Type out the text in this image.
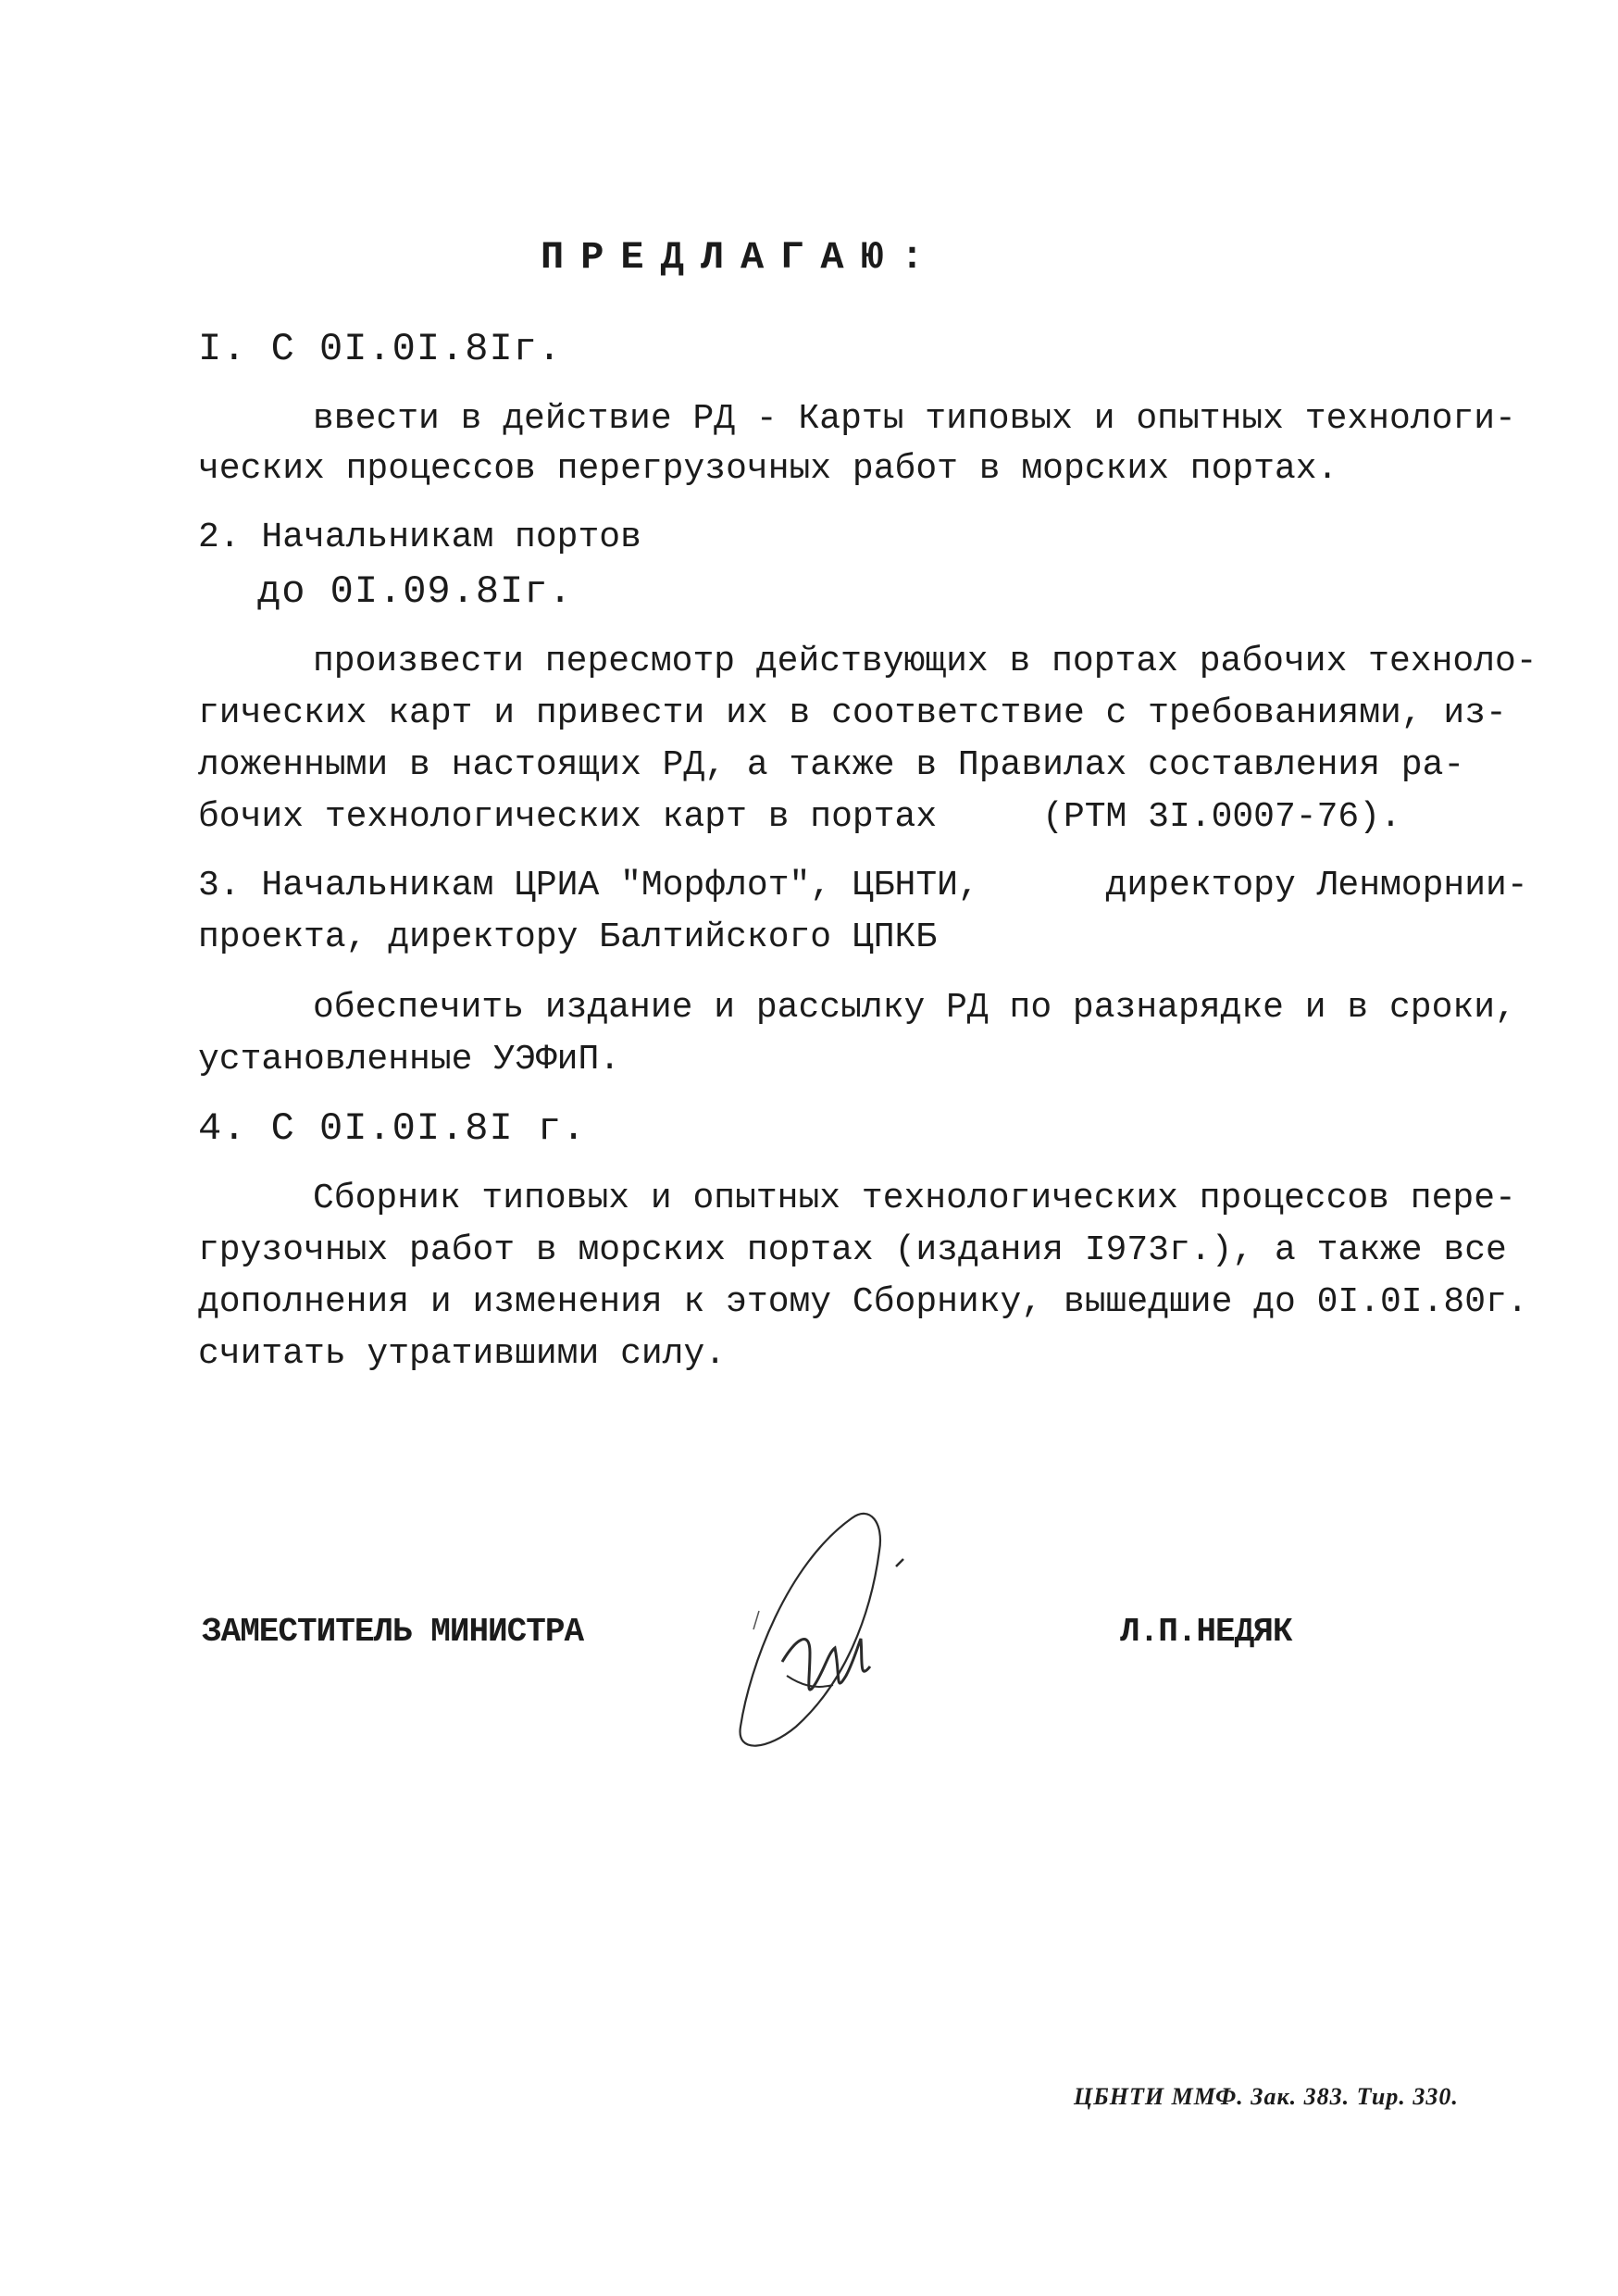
ПРЕДЛАГАЮ:
I. С 0I.0I.8Iг.
ввести в действие РД - Карты типовых и опытных технологи-
ческих процессов перегрузочных работ в морских портах.
2. Начальникам портов
до 0I.09.8Iг.
произвести пересмотр действующих в портах рабочих техноло-
гических карт и привести их в соответствие с требованиями, из-
ложенными в настоящих РД, а также в Правилах составления ра-
бочих технологических карт в портах     (РТМ 3I.0007-76).
3. Начальникам ЦРИА "Морфлот", ЦБНТИ,      директору Ленморнии-
проекта, директору Балтийского ЦПКБ
обеспечить издание и рассылку РД по разнарядке и в сроки,
установленные УЭФиП.
4. С 0I.0I.8I г.
Сборник типовых и опытных технологических процессов пере-
грузочных работ в морских портах (издания I973г.), а также все
дополнения и изменения к этому Сборнику, вышедшие до 0I.0I.80г.
считать утратившими силу.
ЗАМЕСТИТЕЛЬ МИНИСТРА	Л.П.НЕДЯК
ЦБНТИ ММФ. Зак. 383. Тир. 330.
